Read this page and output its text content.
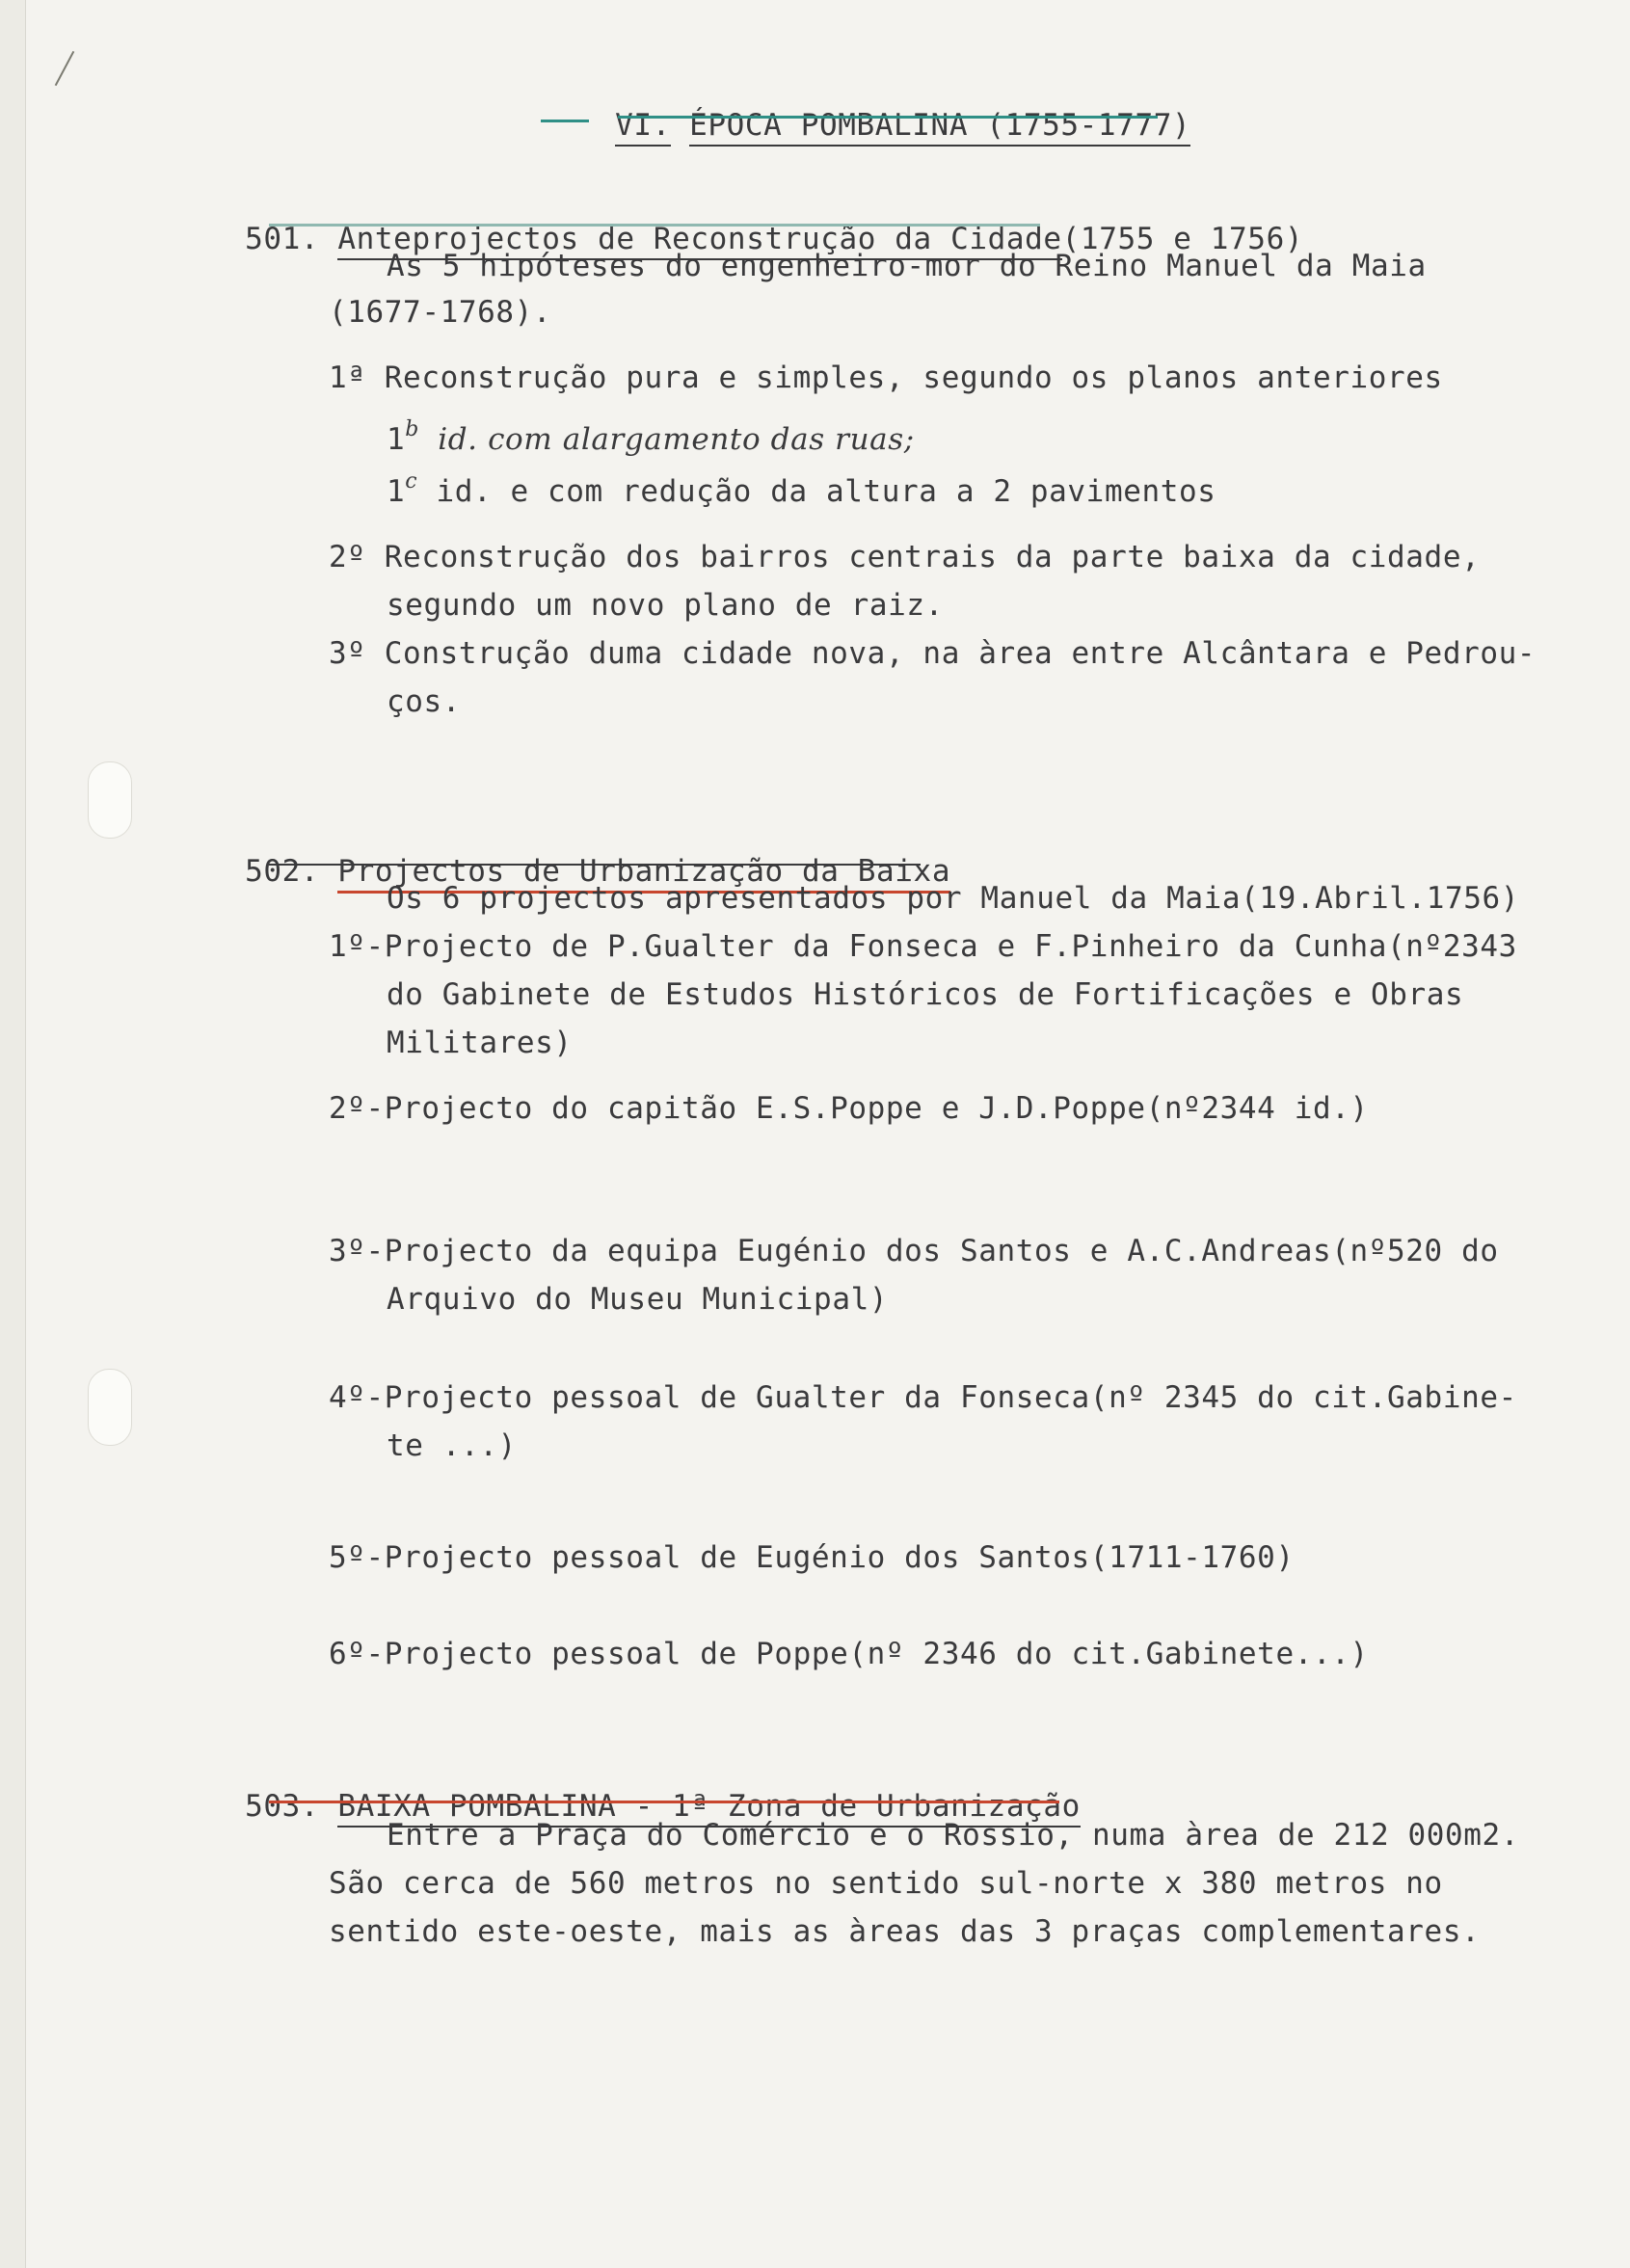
VI. ÉPOCA POMBALINA (1755-1777)

501. Anteprojectos de Reconstrução da Cidade(1755 e 1756)

As 5 hipóteses do engenheiro-mor do Reino Manuel da Maia
(1677-1768).
1ª Reconstrução pura e simples, segundo os planos anteriores
1$^b$ id. com alargamento das ruas;
1$^c$ id. e com redução da altura a 2 pavimentos
2º Reconstrução dos bairros centrais da parte baixa da cidade,
segundo um novo plano de raiz.
3º Construção duma cidade nova, na àrea entre Alcântara e Pedrou-
ços.

502. Projectos de Urbanização da Baixa

Os 6 projectos apresentados por Manuel da Maia(19.Abril.1756)
1º-Projecto de P.Gualter da Fonseca e F.Pinheiro da Cunha(nº2343
do Gabinete de Estudos Históricos de Fortificações e Obras
Militares)
2º-Projecto do capitão E.S.Poppe e J.D.Poppe(nº2344 id.)
3º-Projecto da equipa Eugénio dos Santos e A.C.Andreas(nº520 do
Arquivo do Museu Municipal)
4º-Projecto pessoal de Gualter da Fonseca(nº 2345 do cit.Gabine-
te ...)
5º-Projecto pessoal de Eugénio dos Santos(1711-1760)
6º-Projecto pessoal de Poppe(nº 2346 do cit.Gabinete...)

503. BAIXA POMBALINA - 1ª Zona de Urbanização

Entre a Praça do Comércio e o Rossio, numa àrea de 212 000m2.
São cerca de 560 metros no sentido sul-norte x 380 metros no
sentido este-oeste, mais as àreas das 3 praças complementares.
